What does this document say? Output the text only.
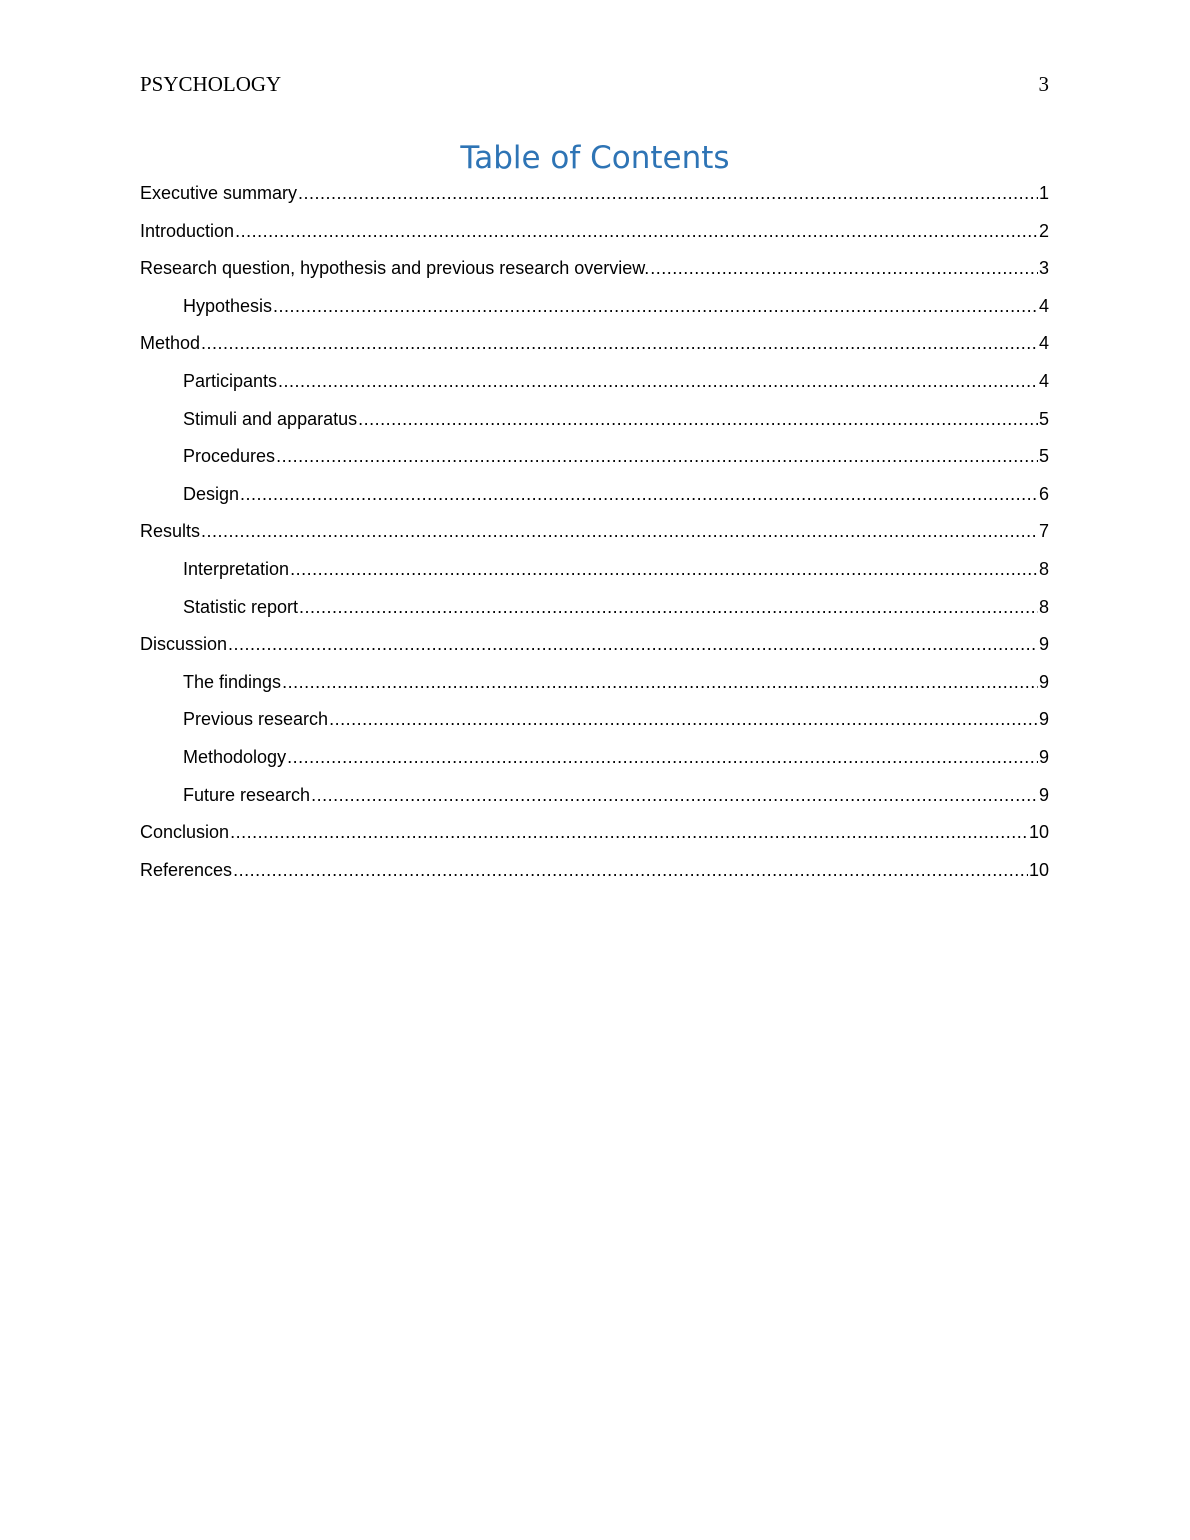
PSYCHOLOGY	3
Table of Contents
Executive summary .....	1
Introduction .....	2
Research question, hypothesis and previous research overview. .....	3
Hypothesis .....	4
Method .....	4
Participants .....	4
Stimuli and apparatus .....	5
Procedures .....	5
Design .....	6
Results .....	7
Interpretation .....	8
Statistic report .....	8
Discussion .....	9
The findings .....	9
Previous research .....	9
Methodology .....	9
Future research .....	9
Conclusion .....	10
References .....	10
